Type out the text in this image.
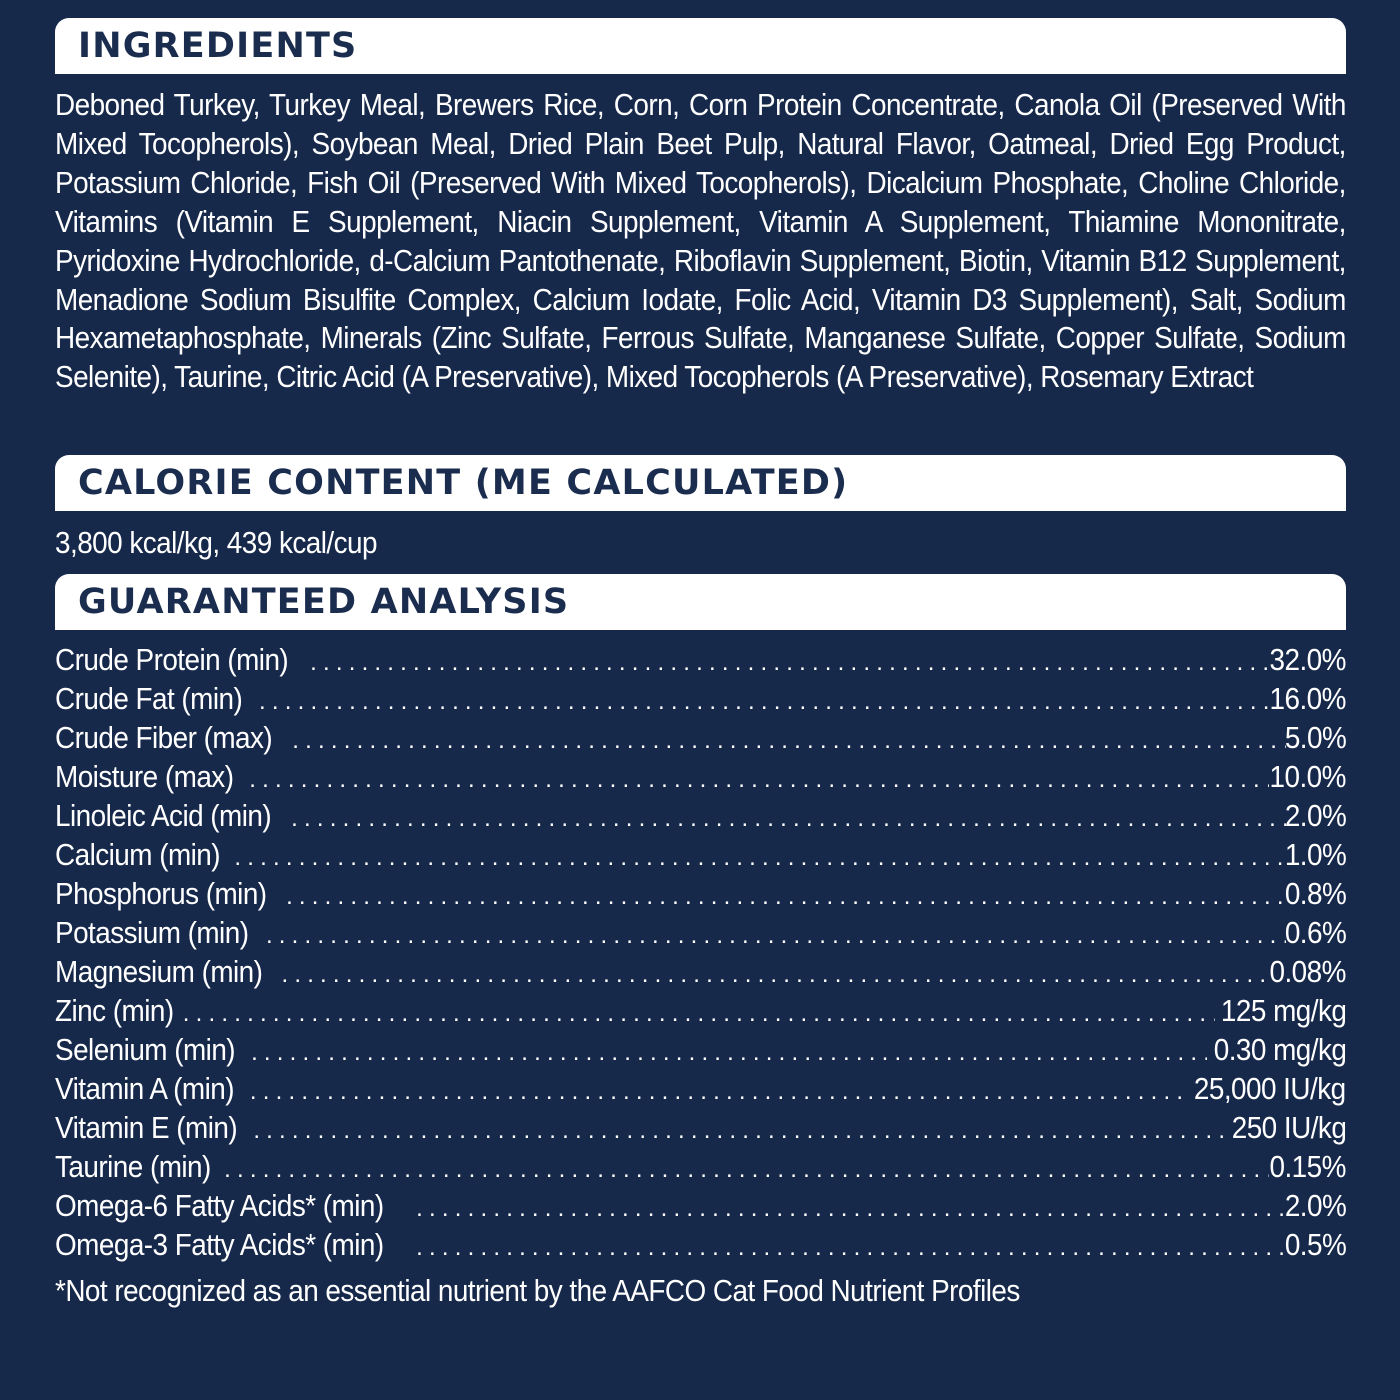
INGREDIENTS

Deboned Turkey, Turkey Meal, Brewers Rice, Corn, Corn Protein Concentrate, Canola Oil (Preserved With Mixed Tocopherols), Soybean Meal, Dried Plain Beet Pulp, Natural Flavor, Oatmeal, Dried Egg Product, Potassium Chloride, Fish Oil (Preserved With Mixed Tocopherols), Dicalcium Phosphate, Choline Chloride, Vitamins (Vitamin E Supplement, Niacin Supplement, Vitamin A Supplement, Thiamine Mononitrate, Pyridoxine Hydrochloride, d-Calcium Pantothenate, Riboflavin Supplement, Biotin, Vitamin B12 Supplement, Menadione Sodium Bisulfite Complex, Calcium Iodate, Folic Acid, Vitamin D3 Supplement), Salt, Sodium Hexametaphosphate, Minerals (Zinc Sulfate, Ferrous Sulfate, Manganese Sulfate, Copper Sulfate, Sodium Selenite), Taurine, Citric Acid (A Preservative), Mixed Tocopherols (A Preservative), Rosemary Extract

CALORIE CONTENT (ME CALCULATED)

3,800 kcal/kg, 439 kcal/cup

GUARANTEED ANALYSIS
Crude Protein (min) .....	32.0%
Crude Fat (min) .....	16.0%
Crude Fiber (max) .....	5.0%
Moisture (max) .....	10.0%
Linoleic Acid (min) .....	2.0%
Calcium (min) .....	1.0%
Phosphorus (min) .....	0.8%
Potassium (min) .....	0.6%
Magnesium (min) .....	0.08%
Zinc (min) .....	125 mg/kg
Selenium (min) .....	0.30 mg/kg
Vitamin A (min) .....	25,000 IU/kg
Vitamin E (min) .....	250 IU/kg
Taurine (min) .....	0.15%
Omega-6 Fatty Acids* (min) .....	2.0%
Omega-3 Fatty Acids* (min) .....	0.5%

*Not recognized as an essential nutrient by the AAFCO Cat Food Nutrient Profiles
